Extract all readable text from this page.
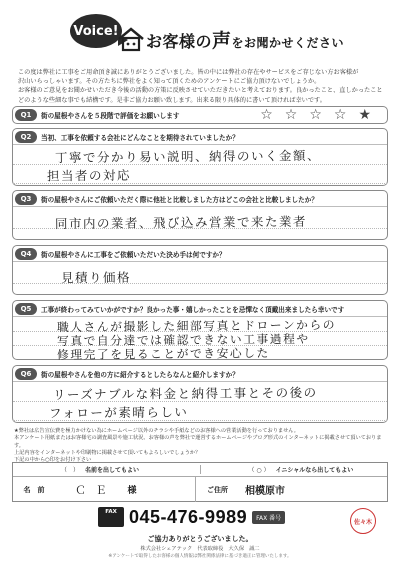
Voice!
お客様の声をお聞かせください
この度は弊社に工事をご用命頂き誠にありがとうございました。皆の中には弊社の存在やサービスをご存じない方お客様が
沢山いらっしゃいます。その方たちに弊社をよく知って頂くためのアンケートにご協力頂けないでしょうか。
お客様のご意見をお聞かせいただき今後の活動の方策に反映させていただきたいと考えております。良かったこと、直しかったこと
どのような些細な事でも結構です。是非ご協力お願い致します。出来る限り具体的に書いて頂ければ幸いです。
Q1	街の屋根やさんを５段階で評価をお願いします	☆ ☆ ☆ ☆ ★
Q2	当初、工事を依頼する会社にどんなことを期待されていましたか？
丁寧で分かり易い説明、納得のいく金額、
担当者の対応
Q3	街の屋根やさんにご依頼いただく際に他社と比較しました方はどこの会社と比較しましたか？
同市内の業者、飛び込み営業で来た業者
Q4	街の屋根やさんに工事をご依頼いただいた決め手は何ですか？
見積り価格
Q5	工事が終わってみていかがですか？良かった事・嬉しかったことを忌憚なく頂戴出来ましたら幸いです
職人さんが撮影した細部写真とドローンからの
写真で自分達では確認できない工事過程や
修理完了を見ることができ安心した
Q6	街の屋根やさんを他の方に紹介するとしたらなんと紹介しますか？
リーズナブルな料金と納得工事とその後の
フォローが素晴らしい
★弊社は広告宣伝費を極力かけない為にホームページ以外のチラシや手紙などのお客様への営業活動を行っておりません。
本アンケート用紙またはお客様宅の調査風景や施工状況、お客様の声を弊社で運営するホームページやブログ形式のインターネットに掲載させて頂いております。
上記内容をインターネットや印刷物に掲載させて頂いてもよろしいでしょうか？
下記の中から○印をお付け下さい
（　） 名前を出してもよい	（ ○ ） イニシャルなら出してもよい
名　前	Ｃ Ｅ 様	ご住所	相模原市
FAX 045-476-9989	FAX 番号
佐々木
ご協力ありがとうございました。
株式会社シェアテック　代表取締役　大久保　誠二
※アンケートで取得したお客様の個人情報は弊社関係法律に基づき適正に管理いたします。
